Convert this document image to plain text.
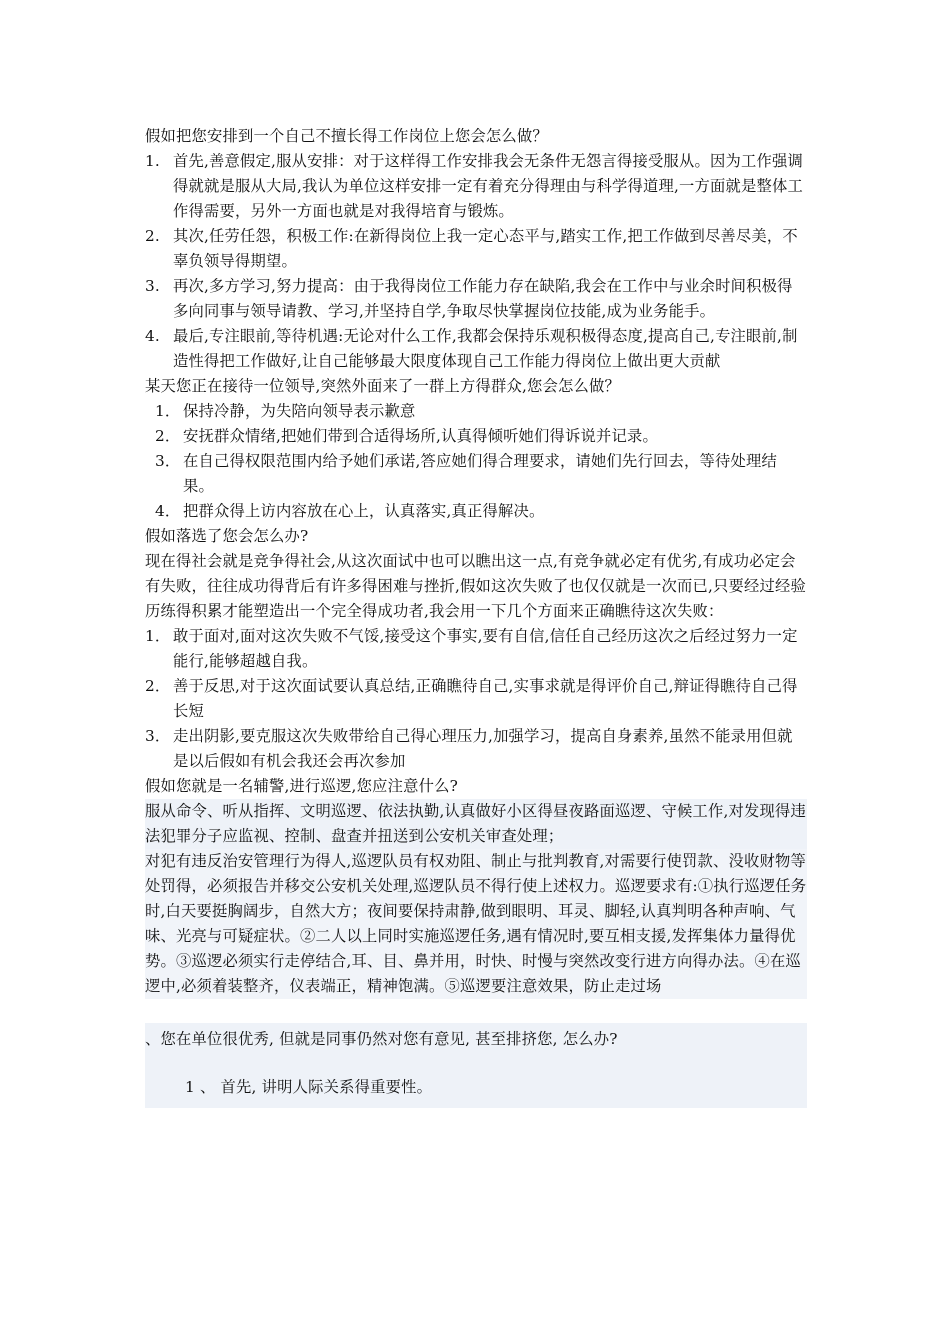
假如把您安排到一个自己不擅长得工作岗位上您会怎么做？

1. 首先,善意假定,服从安排：对于这样得工作安排我会无条件无怨言得接受服从。因为工作强调得就就是服从大局,我认为单位这样安排一定有着充分得理由与科学得道理,一方面就是整体工作得需要，另外一方面也就是对我得培育与锻炼。
2. 其次,任劳任怨，积极工作:在新得岗位上我一定心态平与,踏实工作,把工作做到尽善尽美，不辜负领导得期望。
3. 再次,多方学习,努力提高：由于我得岗位工作能力存在缺陷,我会在工作中与业余时间积极得多向同事与领导请教、学习,并坚持自学,争取尽快掌握岗位技能,成为业务能手。
4. 最后,专注眼前,等待机遇:无论对什么工作,我都会保持乐观积极得态度,提高自己,专注眼前,制造性得把工作做好,让自己能够最大限度体现自己工作能力得岗位上做出更大贡献

某天您正在接待一位领导,突然外面来了一群上方得群众,您会怎么做？

1． 保持冷静，为失陪向领导表示歉意
2． 安抚群众情绪,把她们带到合适得场所,认真得倾听她们得诉说并记录。
3． 在自己得权限范围内给予她们承诺,答应她们得合理要求，请她们先行回去，等待处理结果。
4． 把群众得上访内容放在心上，认真落实,真正得解决。

假如落选了您会怎么办?

现在得社会就是竞争得社会,从这次面试中也可以瞧出这一点,有竞争就必定有优劣,有成功必定会有失败，往往成功得背后有许多得困难与挫折,假如这次失败了也仅仅就是一次而已,只要经过经验历练得积累才能塑造出一个完全得成功者,我会用一下几个方面来正确瞧待这次失败：

1． 敢于面对,面对这次失败不气馁,接受这个事实,要有自信,信任自己经历这次之后经过努力一定能行,能够超越自我。
2． 善于反思,对于这次面试要认真总结,正确瞧待自己,实事求就是得评价自己,辩证得瞧待自己得长短
3． 走出阴影,要克服这次失败带给自己得心理压力,加强学习，提高自身素养,虽然不能录用但就是以后假如有机会我还会再次参加

假如您就是一名辅警,进行巡逻,您应注意什么?

服从命令、听从指挥、文明巡逻、依法执勤,认真做好小区得昼夜路面巡逻、守候工作,对发现得违法犯罪分子应监视、控制、盘查并扭送到公安机关审查处理；

对犯有违反治安管理行为得人,巡逻队员有权劝阻、制止与批判教育,对需要行使罚款、没收财物等处罚得，必须报告并移交公安机关处理,巡逻队员不得行使上述权力。巡逻要求有:①执行巡逻任务时,白天要挺胸阔步，自然大方；夜间要保持肃静,做到眼明、耳灵、脚轻,认真判明各种声响、气味、光亮与可疑症状。②二人以上同时实施巡逻任务,遇有情况时,要互相支援,发挥集体力量得优势。③巡逻必须实行走停结合,耳、目、鼻并用，时快、时慢与突然改变行进方向得办法。④在巡逻中,必须着装整齐，仪表端正，精神饱满。⑤巡逻要注意效果，防止走过场

、您在单位很优秀, 但就是同事仍然对您有意见, 甚至排挤您, 怎么办?

1 、 首先, 讲明人际关系得重要性。
